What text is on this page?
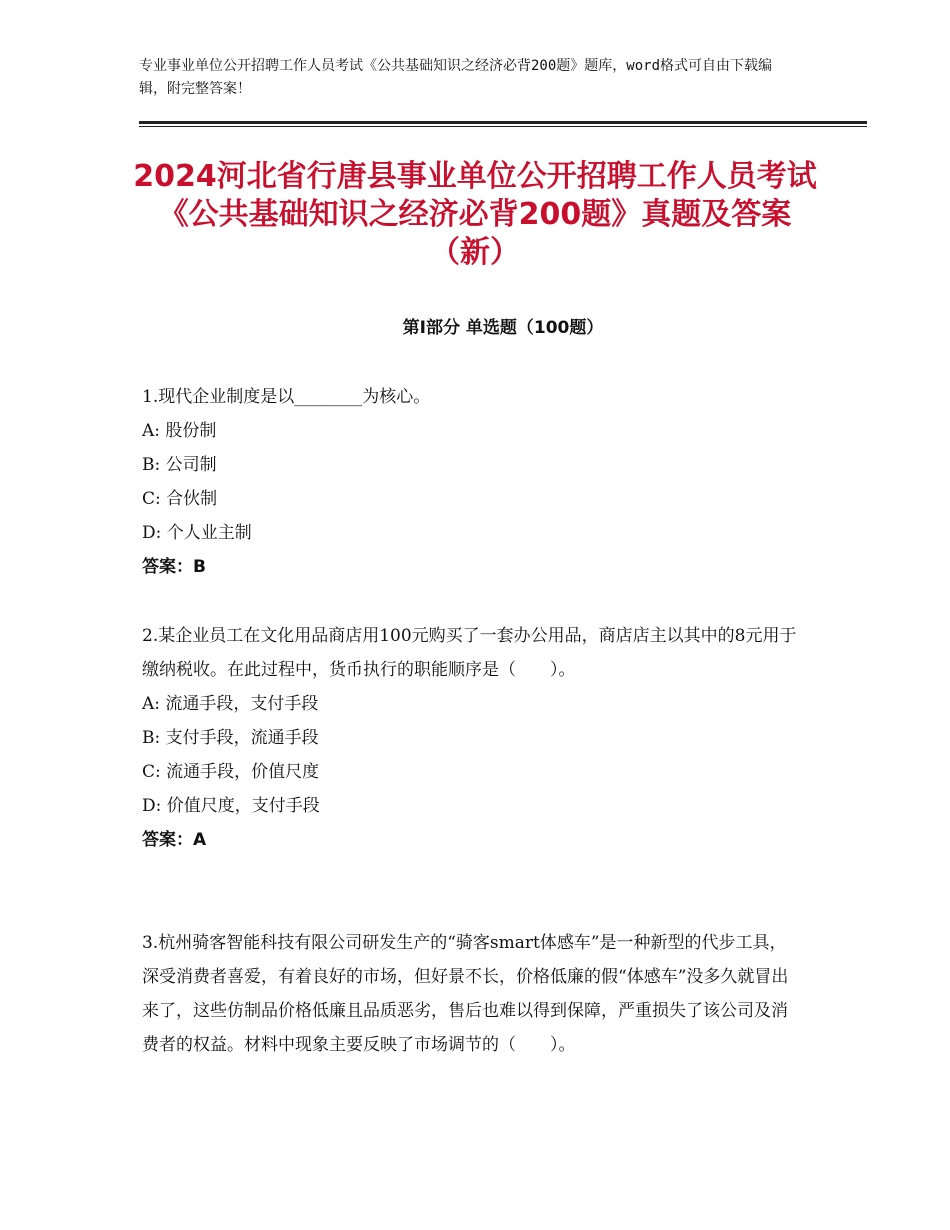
专业事业单位公开招聘工作人员考试《公共基础知识之经济必背200题》题库，word格式可自由下载编辑，附完整答案！
2024河北省行唐县事业单位公开招聘工作人员考试《公共基础知识之经济必背200题》真题及答案（新）
第Ⅰ部分 单选题（100题）
1.现代企业制度是以________为核心。
A: 股份制
B: 公司制
C: 合伙制
D: 个人业主制
答案：B
2.某企业员工在文化用品商店用100元购买了一套办公用品，商店店主以其中的8元用于缴纳税收。在此过程中，货币执行的职能顺序是（　　）。
A: 流通手段，支付手段
B: 支付手段，流通手段
C: 流通手段，价值尺度
D: 价值尺度，支付手段
答案：A
3.杭州骑客智能科技有限公司研发生产的“骑客smart体感车”是一种新型的代步工具，深受消费者喜爱，有着良好的市场，但好景不长，价格低廉的假“体感车”没多久就冒出来了，这些仿制品价格低廉且品质恶劣，售后也难以得到保障，严重损失了该公司及消费者的权益。材料中现象主要反映了市场调节的（　　）。
